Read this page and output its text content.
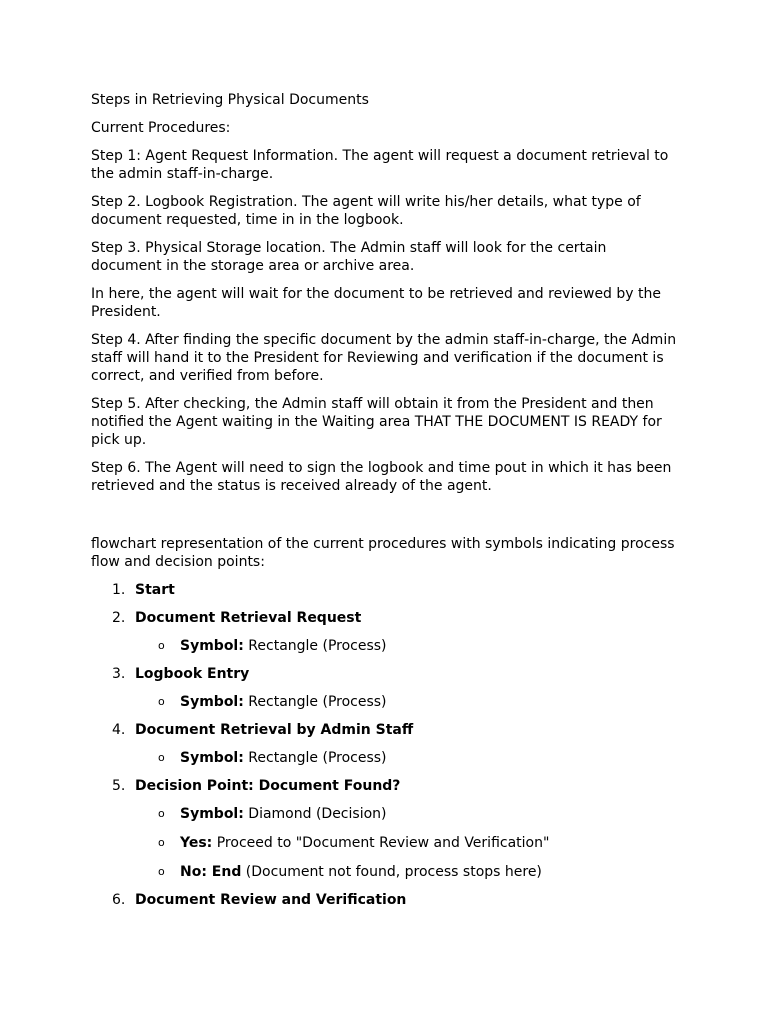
Steps in Retrieving Physical Documents

Current Procedures:

Step 1: Agent Request Information. The agent will request a document retrieval to the admin staff-in-charge.

Step 2. Logbook Registration. The agent will write his/her details, what type of document requested, time in in the logbook.

Step 3. Physical Storage location. The Admin staff will look for the certain document in the storage area or archive area.

In here, the agent will wait for the document to be retrieved and reviewed by the President.

Step 4. After finding the specific document by the admin staff-in-charge, the Admin staff will hand it to the President for Reviewing and verification if the document is correct, and verified from before.

Step 5. After checking, the Admin staff will obtain it from the President and then notified the Agent waiting in the Waiting area THAT THE DOCUMENT IS READY for pick up.

Step 6. The Agent will need to sign the logbook and time pout in which it has been retrieved and the status is received already of the agent.

flowchart representation of the current procedures with symbols indicating process flow and decision points:

1. Start
2. Document Retrieval Request
o Symbol: Rectangle (Process)
3. Logbook Entry
o Symbol: Rectangle (Process)
4. Document Retrieval by Admin Staff
o Symbol: Rectangle (Process)
5. Decision Point: Document Found?
o Symbol: Diamond (Decision)
o Yes: Proceed to "Document Review and Verification"
o No: End (Document not found, process stops here)
6. Document Review and Verification
